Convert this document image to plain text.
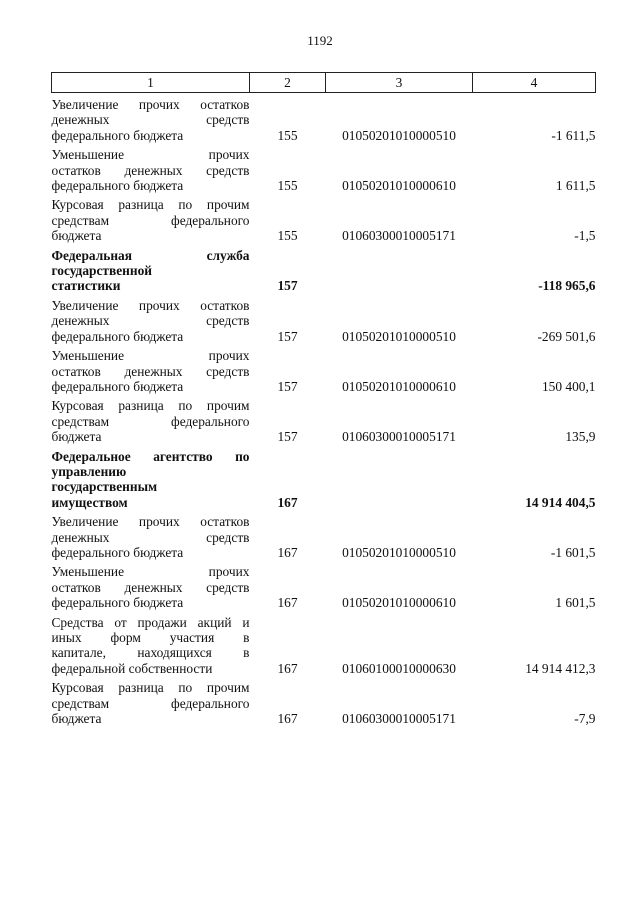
1192
1	2	3	4

Увеличение прочих остатков
денежных средств
федерального бюджета	155	01050201010000510	-1 611,5

Уменьшение прочих
остатков денежных средств
федерального бюджета	155	01050201010000610	1 611,5

Курсовая разница по прочим
средствам федерального
бюджета	155	01060300010005171	-1,5

Федеральная служба
государственной
статистики	157		-118 965,6

Увеличение прочих остатков
денежных средств
федерального бюджета	157	01050201010000510	-269 501,6

Уменьшение прочих
остатков денежных средств
федерального бюджета	157	01050201010000610	150 400,1

Курсовая разница по прочим
средствам федерального
бюджета	157	01060300010005171	135,9

Федеральное агентство по
управлению
государственным
имуществом	167		14 914 404,5

Увеличение прочих остатков
денежных средств
федерального бюджета	167	01050201010000510	-1 601,5

Уменьшение прочих
остатков денежных средств
федерального бюджета	167	01050201010000610	1 601,5

Средства от продажи акций и
иных форм участия в
капитале, находящихся в
федеральной собственности	167	01060100010000630	14 914 412,3

Курсовая разница по прочим
средствам федерального
бюджета	167	01060300010005171	-7,9
